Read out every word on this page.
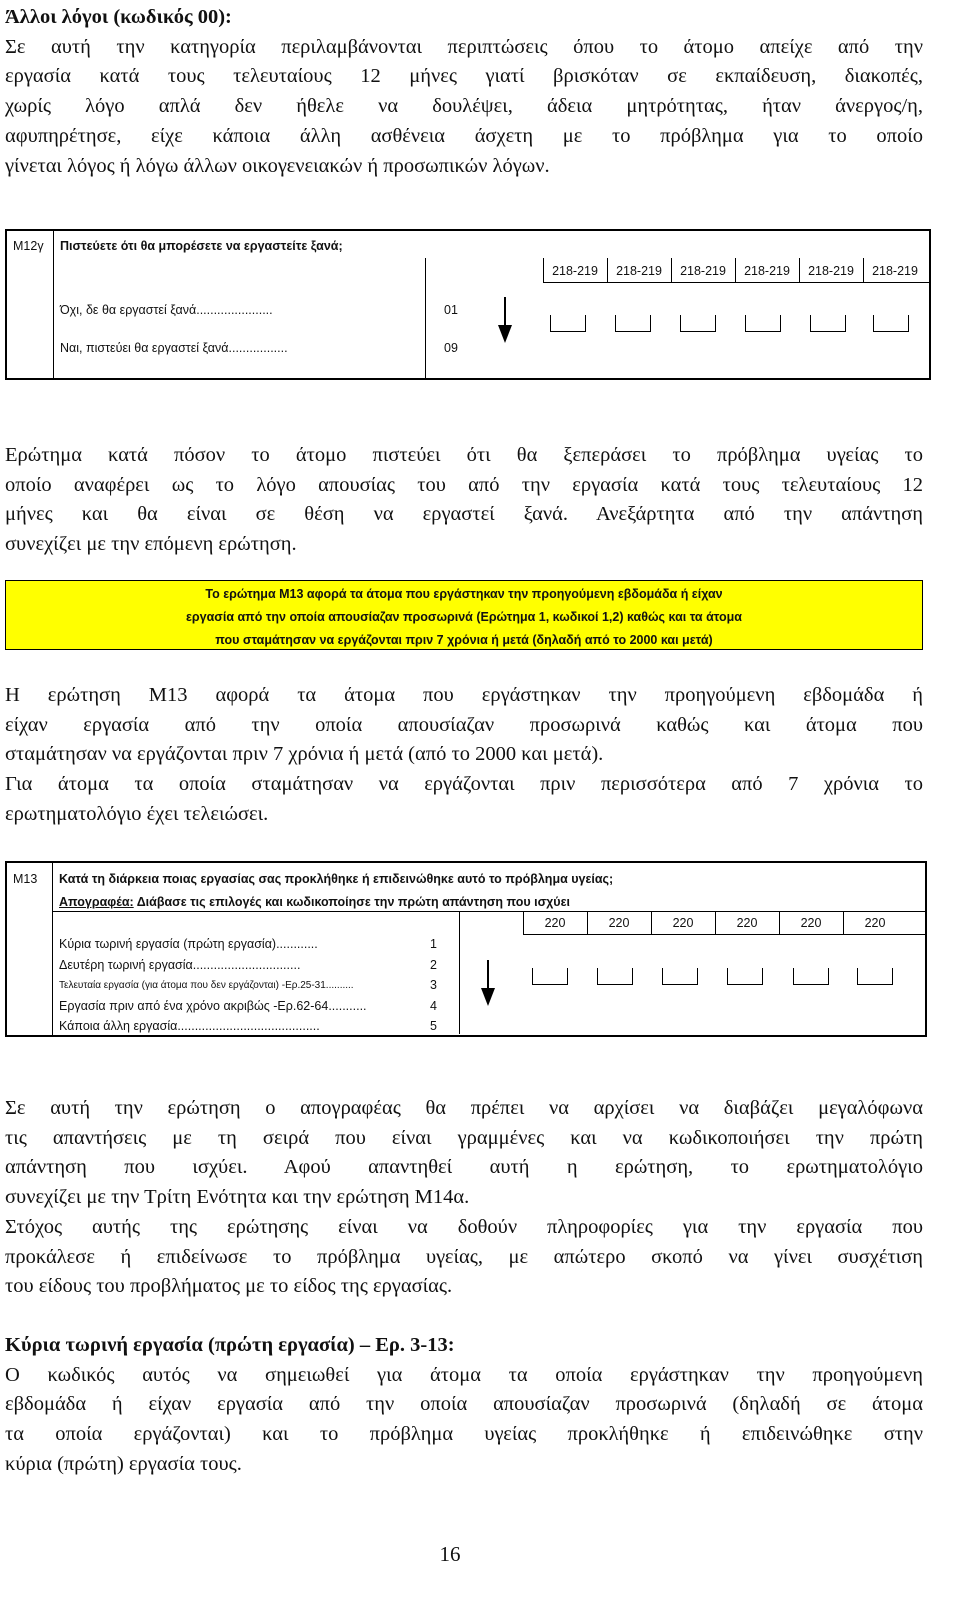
Άλλοι λόγοι (κωδικός 00):
Σε αυτή την κατηγορία περιλαμβάνονται περιπτώσεις όπου το άτομο απείχε από την
εργασία κατά τους τελευταίους 12 μήνες γιατί βρισκόταν σε εκπαίδευση, διακοπές,
χωρίς λόγο απλά δεν ήθελε να δουλέψει, άδεια μητρότητας, ήταν άνεργος/η,
αφυπηρέτησε, είχε κάποια άλλη ασθένεια άσχετη με το πρόβλημα για το οποίο
γίνεται λόγος ή λόγω άλλων οικογενειακών ή προσωπικών λόγων.
Μ12γ Πιστεύετε ότι θα μπορέσετε να εργαστείτε ξανά;
218-219	218-219	218-219	218-219	218-219	218-219
Όχι, δε θα εργαστεί ξανά......................	01
Ναι, πιστεύει θα εργαστεί ξανά.................	09
Ερώτημα κατά πόσον το άτομο πιστεύει ότι θα ξεπεράσει το πρόβλημα υγείας το
οποίο αναφέρει ως το λόγο απουσίας του από την εργασία κατά τους τελευταίους 12
μήνες και θα είναι σε θέση να εργαστεί ξανά. Ανεξάρτητα από την απάντηση
συνεχίζει με την επόμενη ερώτηση.
Το ερώτημα Μ13 αφορά τα άτομα που εργάστηκαν την προηγούμενη εβδομάδα ή είχαν
εργασία από την οποία απουσίαζαν προσωρινά (Ερώτημα 1, κωδικοί 1,2) καθώς και τα άτομα
που σταμάτησαν να εργάζονται πριν 7 χρόνια ή μετά (δηλαδή από το 2000 και μετά)
Η ερώτηση Μ13 αφορά τα άτομα που εργάστηκαν την προηγούμενη εβδομάδα ή
είχαν εργασία από την οποία απουσίαζαν προσωρινά καθώς και άτομα που
σταμάτησαν να εργάζονται πριν 7 χρόνια ή μετά (από το 2000 και μετά).
Για άτομα τα οποία σταμάτησαν να εργάζονται πριν περισσότερα από 7 χρόνια το
ερωτηματολόγιο έχει τελειώσει.
Μ13 Κατά τη διάρκεια ποιας εργασίας σας προκλήθηκε ή επιδεινώθηκε αυτό το πρόβλημα υγείας;
Απογραφέα: Διάβασε τις επιλογές και κωδικοποίησε την πρώτη απάντηση που ισχύει
220	220	220	220	220	220
Κύρια τωρινή εργασία (πρώτη εργασία)............	1
Δευτέρη τωρινή εργασία...............................	2
Τελευταία εργασία (για άτομα που δεν εργάζονται) -Ερ.25-31..........	3
Εργασία πριν από ένα χρόνο ακριβώς -Ερ.62-64...........	4
Κάποια άλλη εργασία.........................................	5
Σε αυτή την ερώτηση ο απογραφέας θα πρέπει να αρχίσει να διαβάζει μεγαλόφωνα
τις απαντήσεις με τη σειρά που είναι γραμμένες και να κωδικοποιήσει την πρώτη
απάντηση που ισχύει. Αφού απαντηθεί αυτή η ερώτηση, το ερωτηματολόγιο
συνεχίζει με την Τρίτη Ενότητα και την ερώτηση Μ14α.
Στόχος αυτής της ερώτησης είναι να δοθούν πληροφορίες για την εργασία που
προκάλεσε ή επιδείνωσε το πρόβλημα υγείας, με απώτερο σκοπό να γίνει συσχέτιση
του είδους του προβλήματος με το είδος της εργασίας.
Κύρια τωρινή εργασία (πρώτη εργασία) – Ερ. 3-13:
Ο κωδικός αυτός να σημειωθεί για άτομα τα οποία εργάστηκαν την προηγούμενη
εβδομάδα ή είχαν εργασία από την οποία απουσίαζαν προσωρινά (δηλαδή σε άτομα
τα οποία εργάζονται) και το πρόβλημα υγείας προκλήθηκε ή επιδεινώθηκε στην
κύρια (πρώτη) εργασία τους.
16
